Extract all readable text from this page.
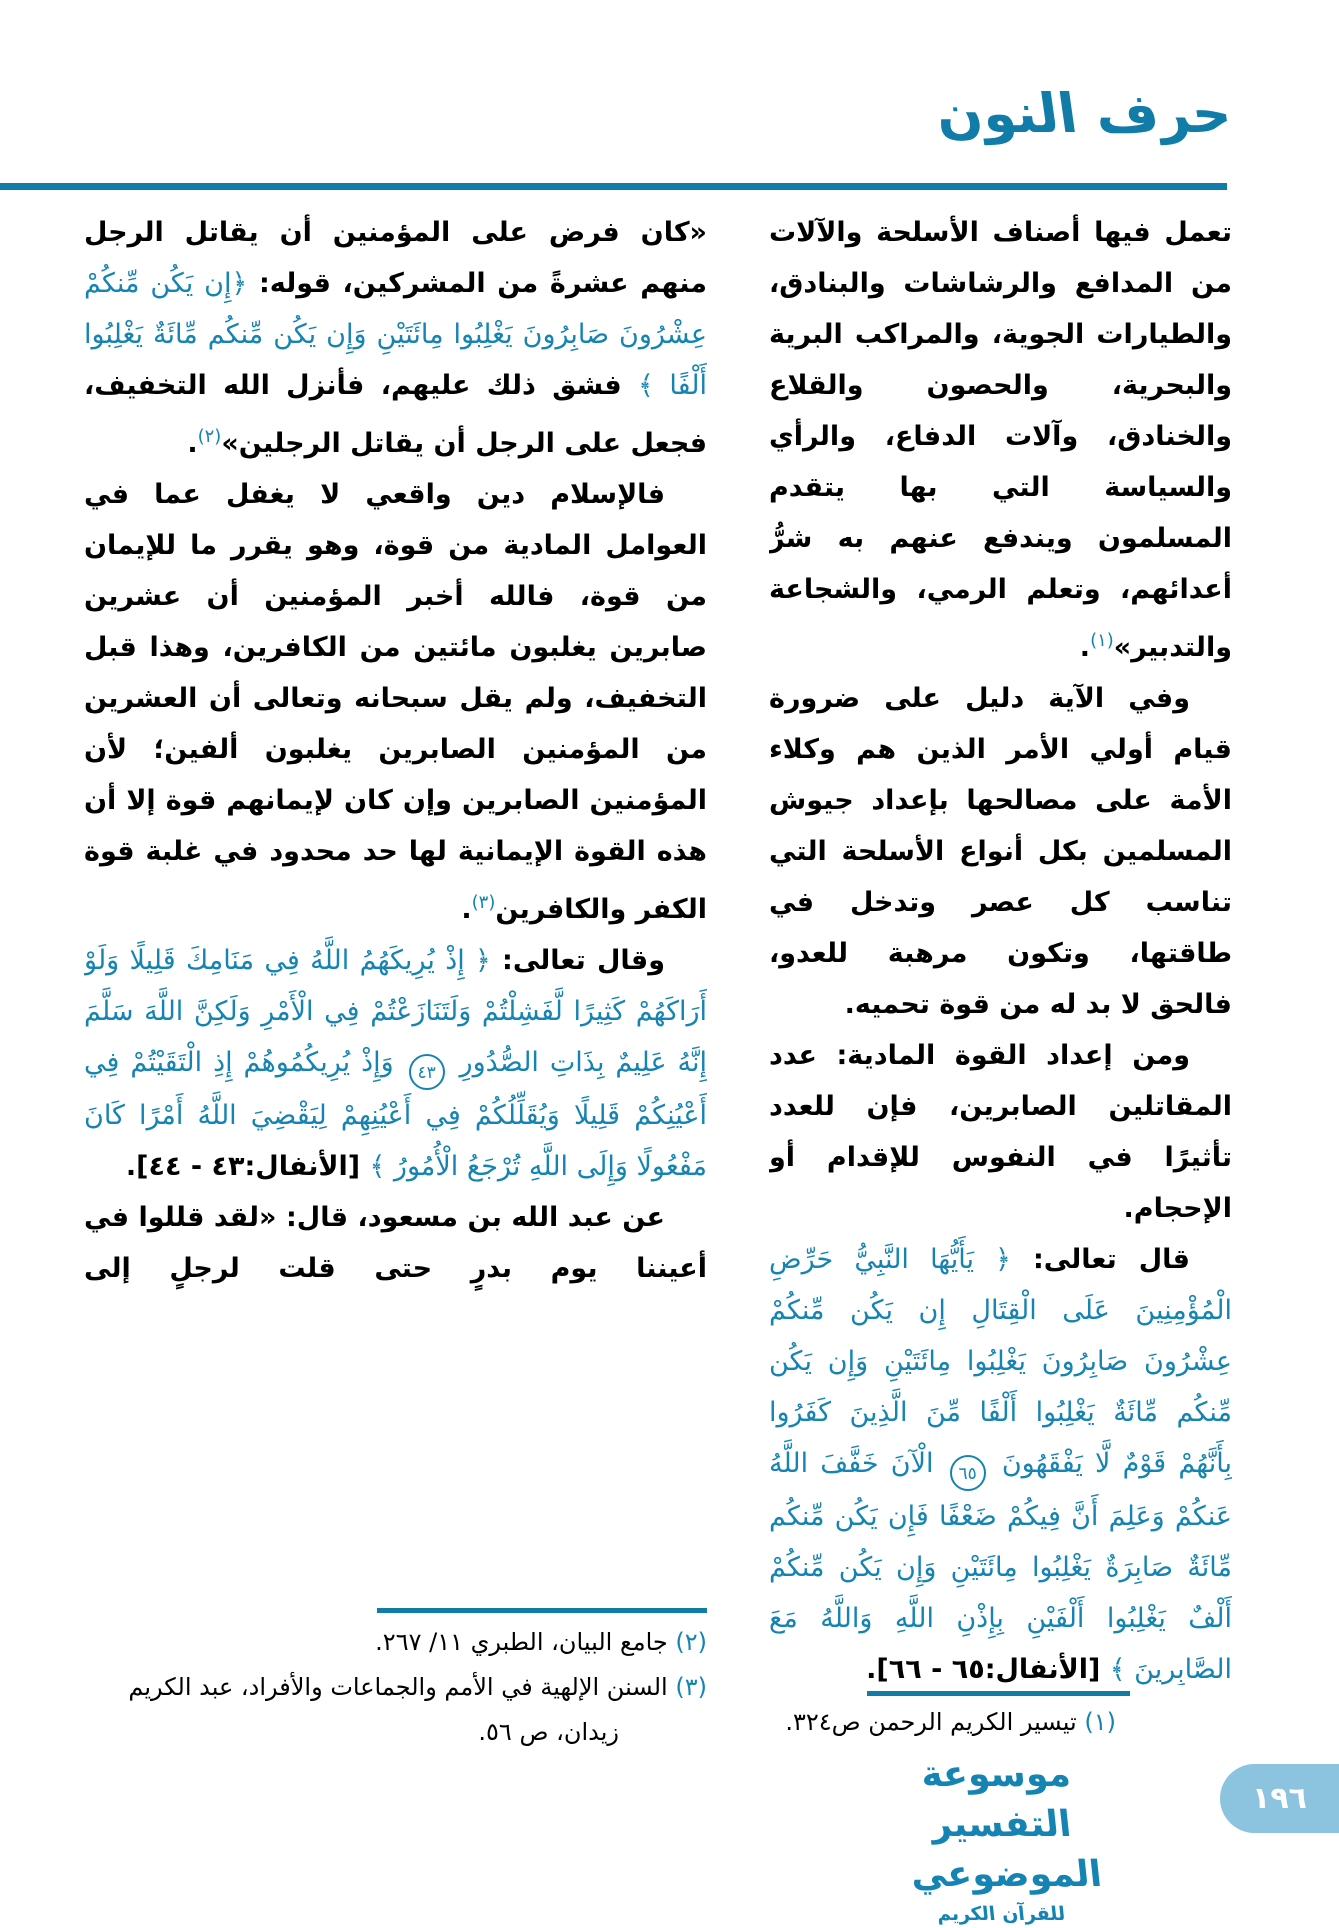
حرف النون

تعمل فيها أصناف الأسلحة والآلات من المدافع والرشاشات والبنادق، والطيارات الجوية، والمراكب البرية والبحرية، والحصون والقلاع والخنادق، وآلات الدفاع، والرأي والسياسة التي بها يتقدم المسلمون ويندفع عنهم به شرُّ أعدائهم، وتعلم الرمي، والشجاعة والتدبير»$^{(١)}$.

وفي الآية دليل على ضرورة قيام أولي الأمر الذين هم وكلاء الأمة على مصالحها بإعداد جيوش المسلمين بكل أنواع الأسلحة التي تناسب كل عصر وتدخل في طاقتها، وتكون مرهبة للعدو، فالحق لا بد له من قوة تحميه.

ومن إعداد القوة المادية: عدد المقاتلين الصابرين، فإن للعدد تأثيرًا في النفوس للإقدام أو الإحجام.

قال تعالى: ﴿ يَأَيُّهَا النَّبِيُّ حَرِّضِ الْمُؤْمِنِينَ عَلَى الْقِتَالِ إِن يَكُن مِّنكُمْ عِشْرُونَ صَابِرُونَ يَغْلِبُوا مِائَتَيْنِ وَإِن يَكُن مِّنكُم مِّائَةٌ يَغْلِبُوا أَلْفًا مِّنَ الَّذِينَ كَفَرُوا بِأَنَّهُمْ قَوْمٌ لَّا يَفْقَهُونَ ٦٥ الْآنَ خَفَّفَ اللَّهُ عَنكُمْ وَعَلِمَ أَنَّ فِيكُمْ ضَعْفًا فَإِن يَكُن مِّنكُم مِّائَةٌ صَابِرَةٌ يَغْلِبُوا مِائَتَيْنِ وَإِن يَكُن مِّنكُمْ أَلْفٌ يَغْلِبُوا أَلْفَيْنِ بِإِذْنِ اللَّهِ وَاللَّهُ مَعَ الصَّابِرِينَ ﴾ [الأنفال:٦٥ - ٦٦].

«كان فرض على المؤمنين أن يقاتل الرجل منهم عشرةً من المشركين، قوله: ﴿إِن يَكُن مِّنكُمْ عِشْرُونَ صَابِرُونَ يَغْلِبُوا مِائَتَيْنِ وَإِن يَكُن مِّنكُم مِّائَةٌ يَغْلِبُوا أَلْفًا ﴾ فشق ذلك عليهم، فأنزل الله التخفيف، فجعل على الرجل أن يقاتل الرجلين»$^{(٢)}$.

فالإسلام دين واقعي لا يغفل عما في العوامل المادية من قوة، وهو يقرر ما للإيمان من قوة، فالله أخبر المؤمنين أن عشرين صابرين يغلبون مائتين من الكافرين، وهذا قبل التخفيف، ولم يقل سبحانه وتعالى أن العشرين من المؤمنين الصابرين يغلبون ألفين؛ لأن المؤمنين الصابرين وإن كان لإيمانهم قوة إلا أن هذه القوة الإيمانية لها حد محدود في غلبة قوة الكفر والكافرين$^{(٣)}$.

وقال تعالى: ﴿ إِذْ يُرِيكَهُمُ اللَّهُ فِي مَنَامِكَ قَلِيلًا وَلَوْ أَرَاكَهُمْ كَثِيرًا لَّفَشِلْتُمْ وَلَتَنَازَعْتُمْ فِي الْأَمْرِ وَلَكِنَّ اللَّهَ سَلَّمَ إِنَّهُ عَلِيمٌ بِذَاتِ الصُّدُورِ ٤٣ وَإِذْ يُرِيكُمُوهُمْ إِذِ الْتَقَيْتُمْ فِي أَعْيُنِكُمْ قَلِيلًا وَيُقَلِّلُكُمْ فِي أَعْيُنِهِمْ لِيَقْضِيَ اللَّهُ أَمْرًا كَانَ مَفْعُولًا وَإِلَى اللَّهِ تُرْجَعُ الْأُمُورُ ﴾ [الأنفال:٤٣ - ٤٤].

عن عبد الله بن مسعود، قال: «لقد قللوا في أعيننا يوم بدرٍ حتى قلت لرجلٍ إلى

(٢) جامع البيان، الطبري ١١/ ٢٦٧.

(٣) السنن الإلهية في الأمم والجماعات والأفراد، عبد الكريم زيدان، ص ٥٦.	(١) تيسير الكريم الرحمن ص٣٢٤.

موسوعة التفسير الموضوعي
للقرآن الكريم
١٩٦
